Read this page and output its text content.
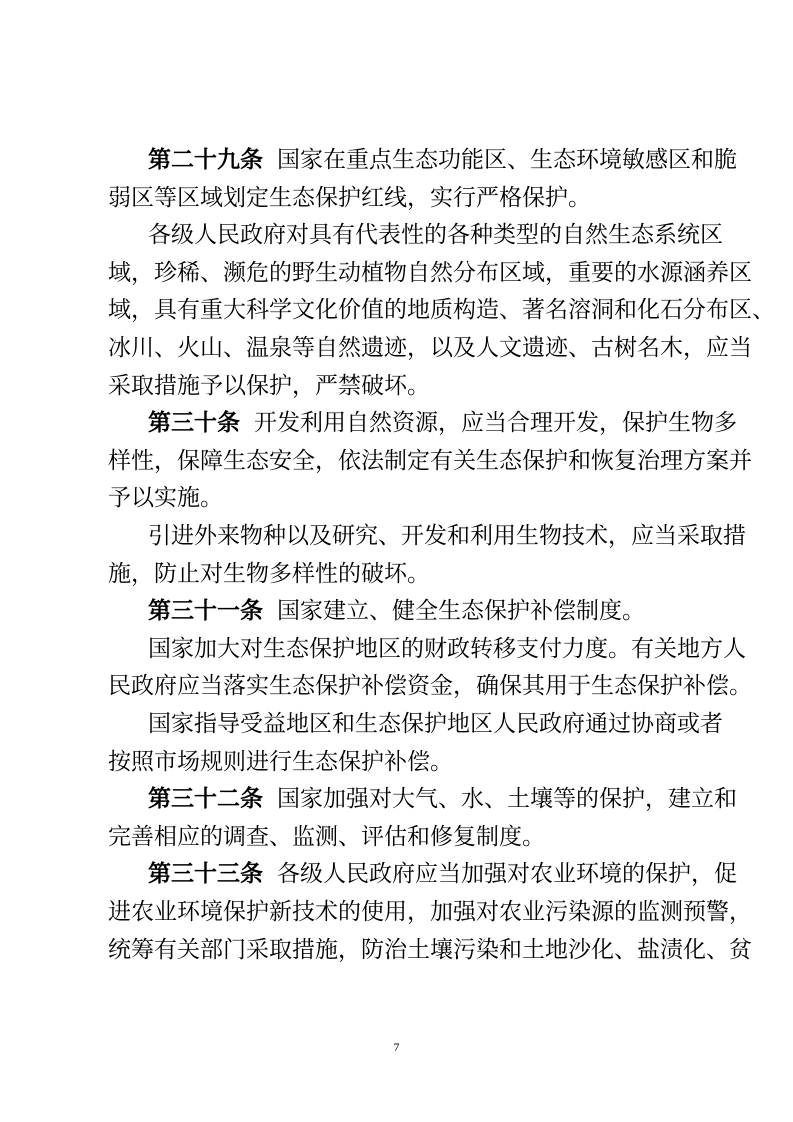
第二十九条 国家在重点生态功能区、生态环境敏感区和脆
弱区等区域划定生态保护红线，实行严格保护。
各级人民政府对具有代表性的各种类型的自然生态系统区
域，珍稀、濒危的野生动植物自然分布区域，重要的水源涵养区
域，具有重大科学文化价值的地质构造、著名溶洞和化石分布区、
冰川、火山、温泉等自然遗迹，以及人文遗迹、古树名木，应当
采取措施予以保护，严禁破坏。
第三十条 开发利用自然资源，应当合理开发，保护生物多
样性，保障生态安全，依法制定有关生态保护和恢复治理方案并
予以实施。
引进外来物种以及研究、开发和利用生物技术，应当采取措
施，防止对生物多样性的破坏。
第三十一条 国家建立、健全生态保护补偿制度。
国家加大对生态保护地区的财政转移支付力度。有关地方人
民政府应当落实生态保护补偿资金，确保其用于生态保护补偿。
国家指导受益地区和生态保护地区人民政府通过协商或者
按照市场规则进行生态保护补偿。
第三十二条 国家加强对大气、水、土壤等的保护，建立和
完善相应的调查、监测、评估和修复制度。
第三十三条 各级人民政府应当加强对农业环境的保护，促
进农业环境保护新技术的使用，加强对农业污染源的监测预警，
统筹有关部门采取措施，防治土壤污染和土地沙化、盐渍化、贫
7
